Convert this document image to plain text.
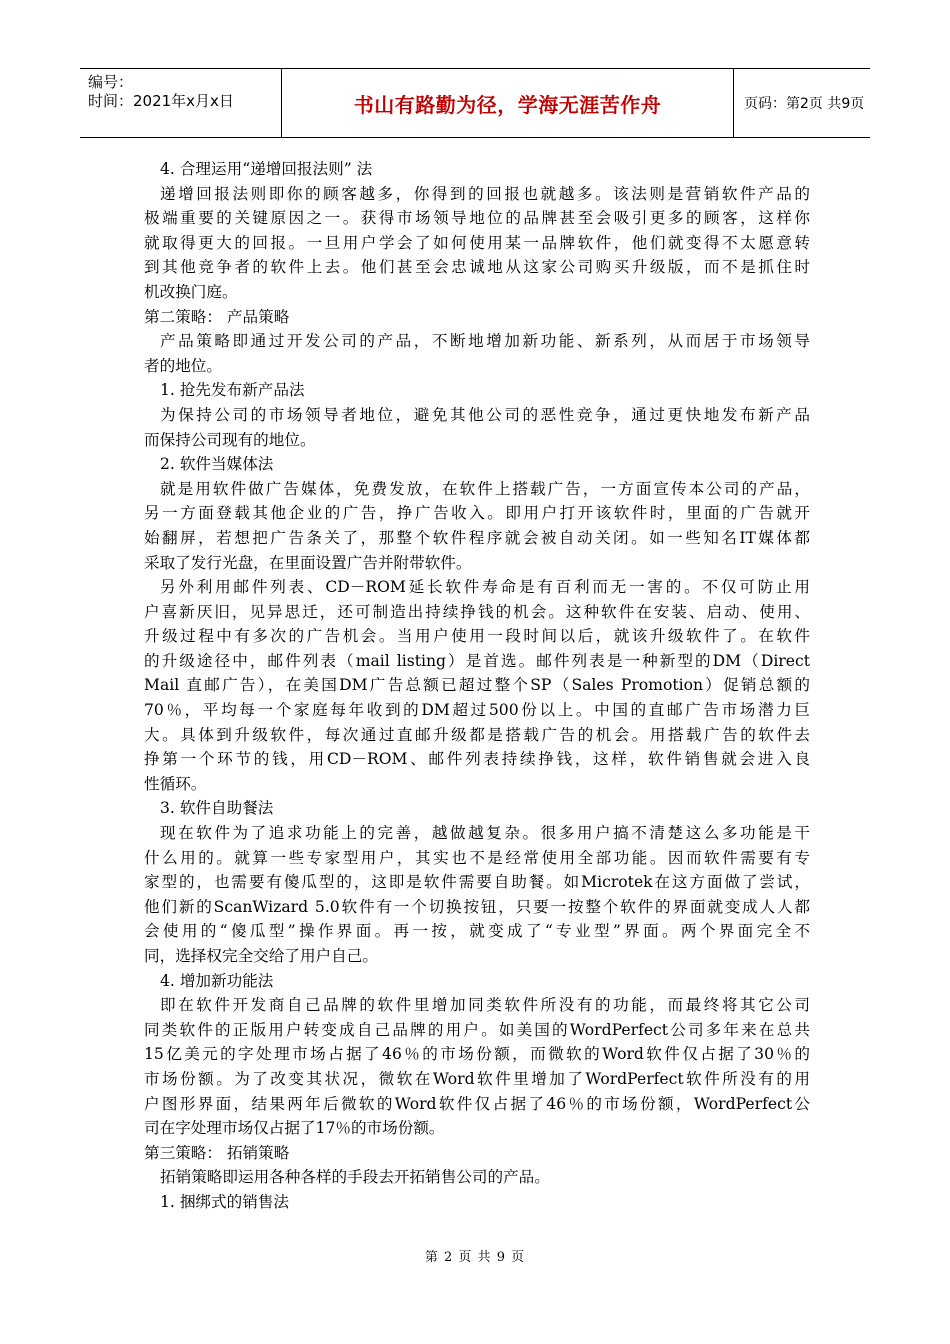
编号：
时间：2021年x月x日	书山有路勤为径，学海无涯苦作舟	页码：第2页 共9页
4. 合理运用“递增回报法则” 法
递增回报法则即你的顾客越多，你得到的回报也就越多。该法则是营销软件产品的
极端重要的关键原因之一。获得市场领导地位的品牌甚至会吸引更多的顾客，这样你
就取得更大的回报。一旦用户学会了如何使用某一品牌软件，他们就变得不太愿意转
到其他竞争者的软件上去。他们甚至会忠诚地从这家公司购买升级版，而不是抓住时
机改换门庭。
第二策略： 产品策略
产品策略即通过开发公司的产品，不断地增加新功能、新系列，从而居于市场领导
者的地位。
1. 抢先发布新产品法
为保持公司的市场领导者地位，避免其他公司的恶性竞争，通过更快地发布新产品
而保持公司现有的地位。
2. 软件当媒体法
就是用软件做广告媒体，免费发放，在软件上搭载广告，一方面宣传本公司的产品，
另一方面登载其他企业的广告，挣广告收入。即用户打开该软件时，里面的广告就开
始翻屏，若想把广告条关了，那整个软件程序就会被自动关闭。如一些知名IT媒体都
采取了发行光盘，在里面设置广告并附带软件。
另外利用邮件列表、CD－ROM延长软件寿命是有百利而无一害的。不仅可防止用
户喜新厌旧，见异思迁，还可制造出持续挣钱的机会。这种软件在安装、启动、使用、
升级过程中有多次的广告机会。当用户使用一段时间以后，就该升级软件了。在软件
的升级途径中，邮件列表（mail listing）是首选。邮件列表是一种新型的DM（Direct
Mail 直邮广告），在美国DM广告总额已超过整个SP（Sales Promotion）促销总额的
70％，平均每一个家庭每年收到的DM超过500份以上。中国的直邮广告市场潜力巨
大。具体到升级软件，每次通过直邮升级都是搭载广告的机会。用搭载广告的软件去
挣第一个环节的钱，用CD－ROM、邮件列表持续挣钱，这样，软件销售就会进入良
性循环。
3. 软件自助餐法
现在软件为了追求功能上的完善，越做越复杂。很多用户搞不清楚这么多功能是干
什么用的。就算一些专家型用户，其实也不是经常使用全部功能。因而软件需要有专
家型的，也需要有傻瓜型的，这即是软件需要自助餐。如Microtek在这方面做了尝试，
他们新的ScanWizard 5.0软件有一个切换按钮，只要一按整个软件的界面就变成人人都
会使用的“傻瓜型”操作界面。再一按，就变成了“专业型”界面。两个界面完全不
同，选择权完全交给了用户自己。
4. 增加新功能法
即在软件开发商自己品牌的软件里增加同类软件所没有的功能，而最终将其它公司
同类软件的正版用户转变成自己品牌的用户。如美国的WordPerfect公司多年来在总共
15亿美元的字处理市场占据了46％的市场份额，而微软的Word软件仅占据了30％的
市场份额。为了改变其状况，微软在Word软件里增加了WordPerfect软件所没有的用
户图形界面，结果两年后微软的Word软件仅占据了46％的市场份额，WordPerfect公
司在字处理市场仅占据了17％的市场份额。
第三策略： 拓销策略
拓销策略即运用各种各样的手段去开拓销售公司的产品。
1. 捆绑式的销售法
第 2 页 共 9 页
